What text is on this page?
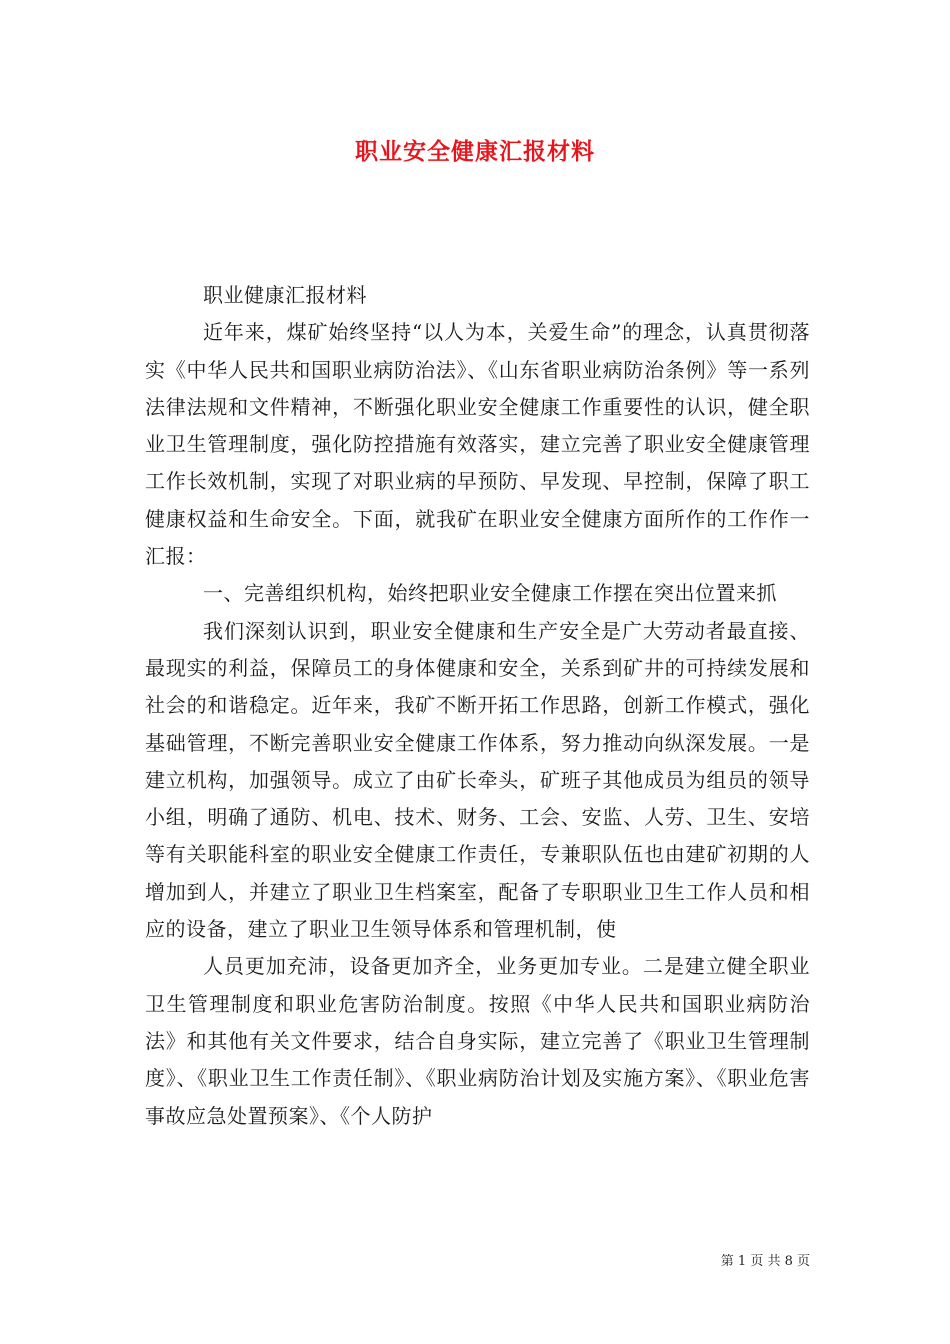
职业安全健康汇报材料

职业健康汇报材料

近年来，煤矿始终坚持“以人为本，关爱生命”的理念，认真贯彻落实《中华人民共和国职业病防治法》、《山东省职业病防治条例》等一系列法律法规和文件精神，不断强化职业安全健康工作重要性的认识，健全职业卫生管理制度，强化防控措施有效落实，建立完善了职业安全健康管理工作长效机制，实现了对职业病的早预防、早发现、早控制，保障了职工健康权益和生命安全。下面，就我矿在职业安全健康方面所作的工作作一汇报：

一、完善组织机构，始终把职业安全健康工作摆在突出位置来抓

我们深刻认识到，职业安全健康和生产安全是广大劳动者最直接、最现实的利益，保障员工的身体健康和安全，关系到矿井的可持续发展和社会的和谐稳定。近年来，我矿不断开拓工作思路，创新工作模式，强化基础管理，不断完善职业安全健康工作体系，努力推动向纵深发展。一是建立机构，加强领导。成立了由矿长牵头，矿班子其他成员为组员的领导小组，明确了通防、机电、技术、财务、工会、安监、人劳、卫生、安培等有关职能科室的职业安全健康工作责任，专兼职队伍也由建矿初期的人增加到人，并建立了职业卫生档案室，配备了专职职业卫生工作人员和相应的设备，建立了职业卫生领导体系和管理机制，使

人员更加充沛，设备更加齐全，业务更加专业。二是建立健全职业卫生管理制度和职业危害防治制度。按照《中华人民共和国职业病防治法》和其他有关文件要求，结合自身实际，建立完善了《职业卫生管理制度》、《职业卫生工作责任制》、《职业病防治计划及实施方案》、《职业危害事故应急处置预案》、《个人防护

第 1 页 共 8 页
